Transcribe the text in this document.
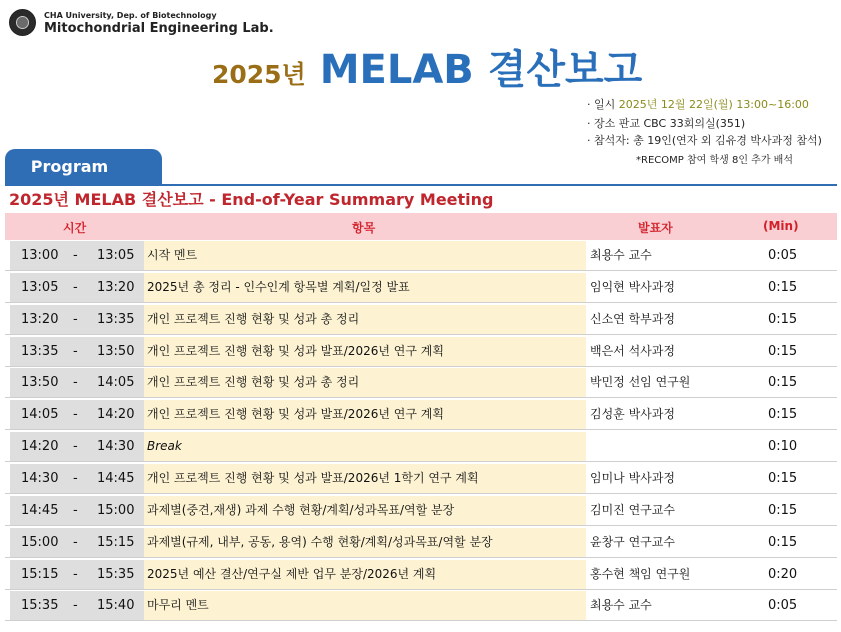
CHA University, Dep. of Biotechnology
Mitochondrial Engineering Lab.
2025년 MELAB 결산보고
· 일시 2025년 12월 22일(월) 13:00~16:00
· 장소 판교 CBC 33회의실(351)
· 참석자: 총 19인(연자 외 김유경 박사과정 참석)
*RECOMP 참여 학생 8인 추가 배석
Program
2025년 MELAB 결산보고 - End-of-Year Summary Meeting
시간	항목	발표자	(Min)
13:00 - 13:05 시작 멘트	최용수 교수	0:05
13:05 - 13:20 2025년 총 정리 - 인수인계 항목별 계획/일정 발표	임익현 박사과정	0:15
13:20 - 13:35 개인 프로젝트 진행 현황 및 성과 총 정리	신소연 학부과정	0:15
13:35 - 13:50 개인 프로젝트 진행 현황 및 성과 발표/2026년 연구 계획	백은서 석사과정	0:15
13:50 - 14:05 개인 프로젝트 진행 현황 및 성과 총 정리	박민정 선임 연구원	0:15
14:05 - 14:20 개인 프로젝트 진행 현황 및 성과 발표/2026년 연구 계획	김성훈 박사과정	0:15
14:20 - 14:30 Break	0:10
14:30 - 14:45 개인 프로젝트 진행 현황 및 성과 발표/2026년 1학기 연구 계획	임미나 박사과정	0:15
14:45 - 15:00 과제별(중견,재생) 과제 수행 현황/계획/성과목표/역할 분장	김미진 연구교수	0:15
15:00 - 15:15 과제별(규제, 내부, 공동, 용역) 수행 현황/계획/성과목표/역할 분장	윤창구 연구교수	0:15
15:15 - 15:35 2025년 예산 결산/연구실 제반 업무 분장/2026년 계획	홍수현 책임 연구원	0:20
15:35 - 15:40 마무리 멘트	최용수 교수	0:05
